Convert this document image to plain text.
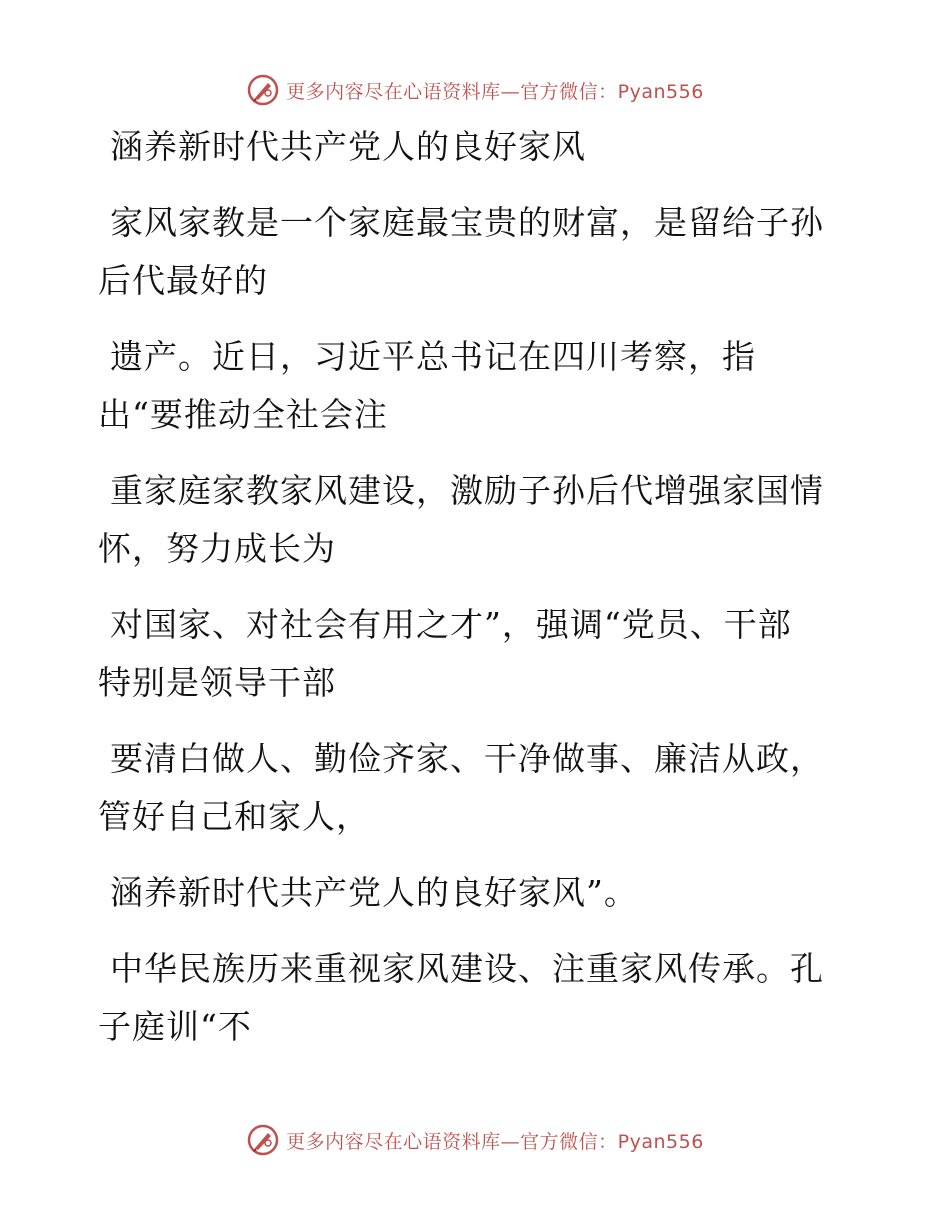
更多内容尽在心语资料库—官方微信：Pyan556
涵养新时代共产党人的良好家风
家风家教是一个家庭最宝贵的财富，是留给子孙
后代最好的
遗产。近日，习近平总书记在四川考察，指
出“要推动全社会注
重家庭家教家风建设，激励子孙后代增强家国情
怀，努力成长为
对国家、对社会有用之才”，强调“党员、干部
特别是领导干部
要清白做人、勤俭齐家、干净做事、廉洁从政，
管好自己和家人，
涵养新时代共产党人的良好家风”。
中华民族历来重视家风建设、注重家风传承。孔
子庭训“不
更多内容尽在心语资料库—官方微信：Pyan556
